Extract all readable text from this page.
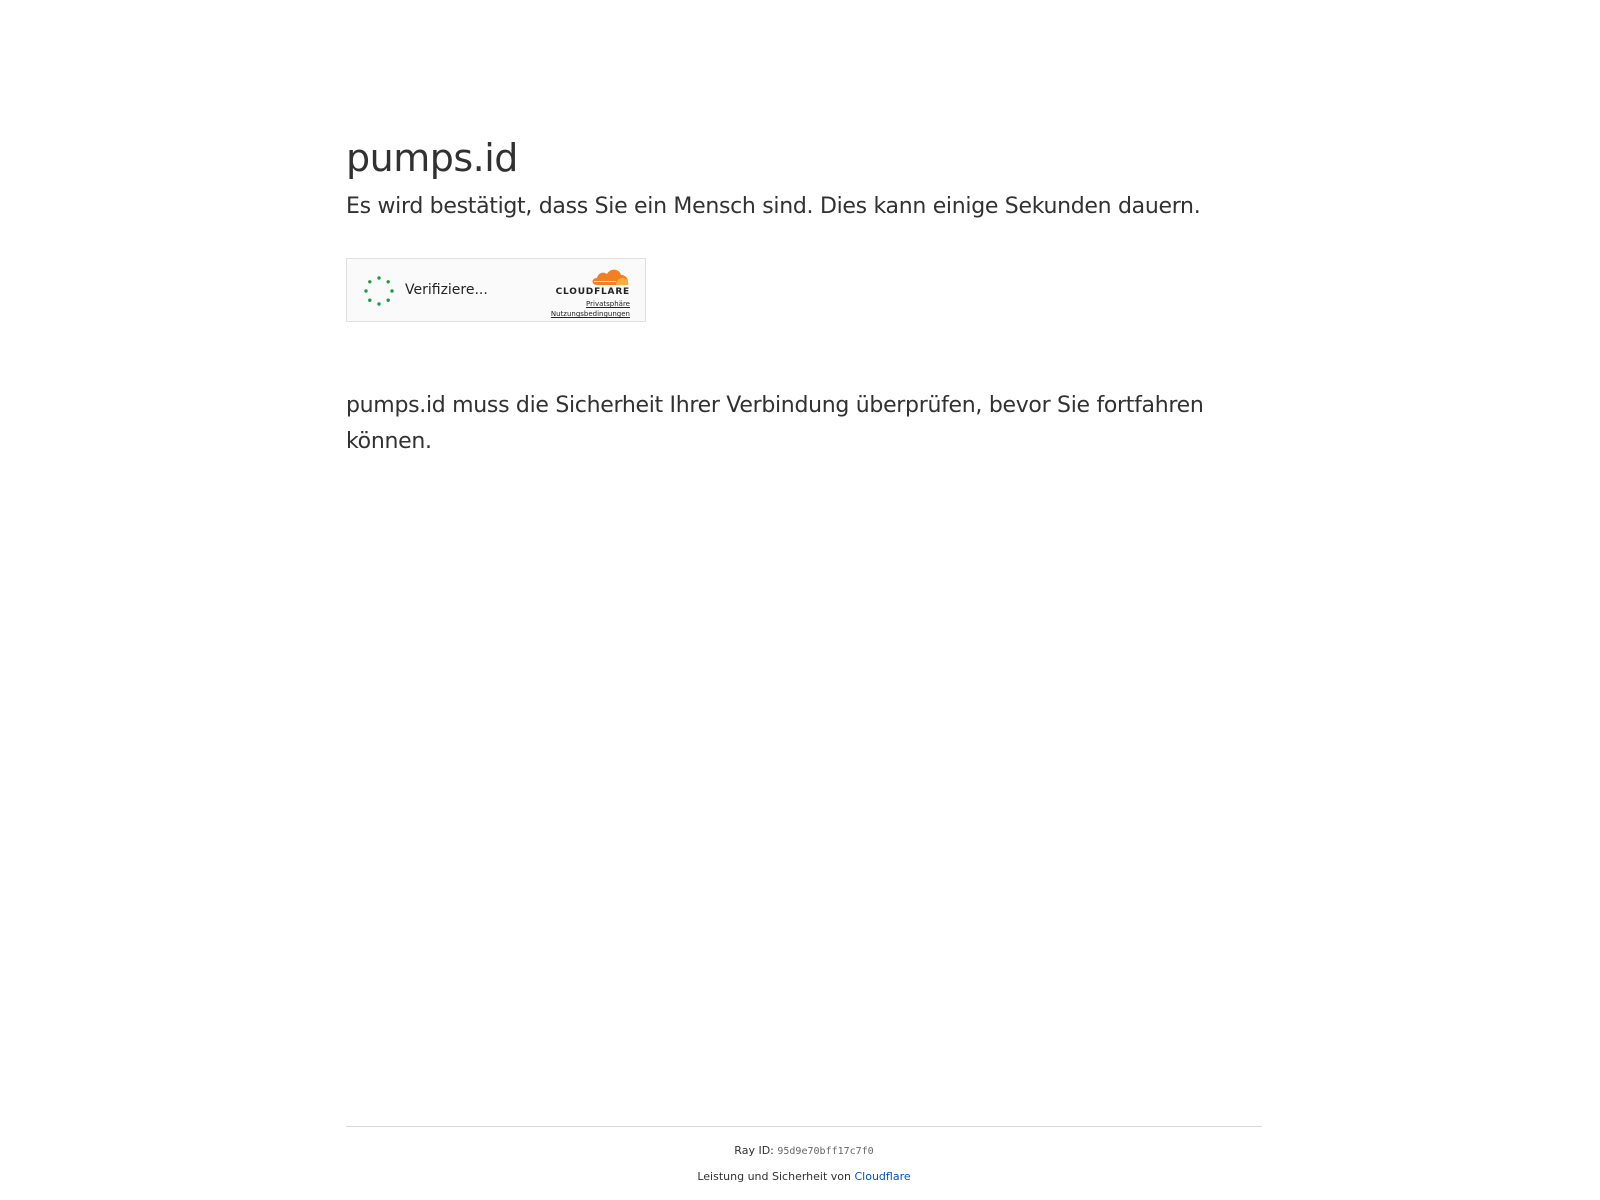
pumps.id
Es wird bestätigt, dass Sie ein Mensch sind. Dies kann einige Sekunden dauern.
Verifiziere...	CLOUDFLARE
Privatsphäre
Nutzungsbedingungen

pumps.id muss die Sicherheit Ihrer Verbindung überprüfen, bevor Sie fortfahren können.

Ray ID: 95d9e70bff17c7f0
Leistung und Sicherheit von Cloudflare
